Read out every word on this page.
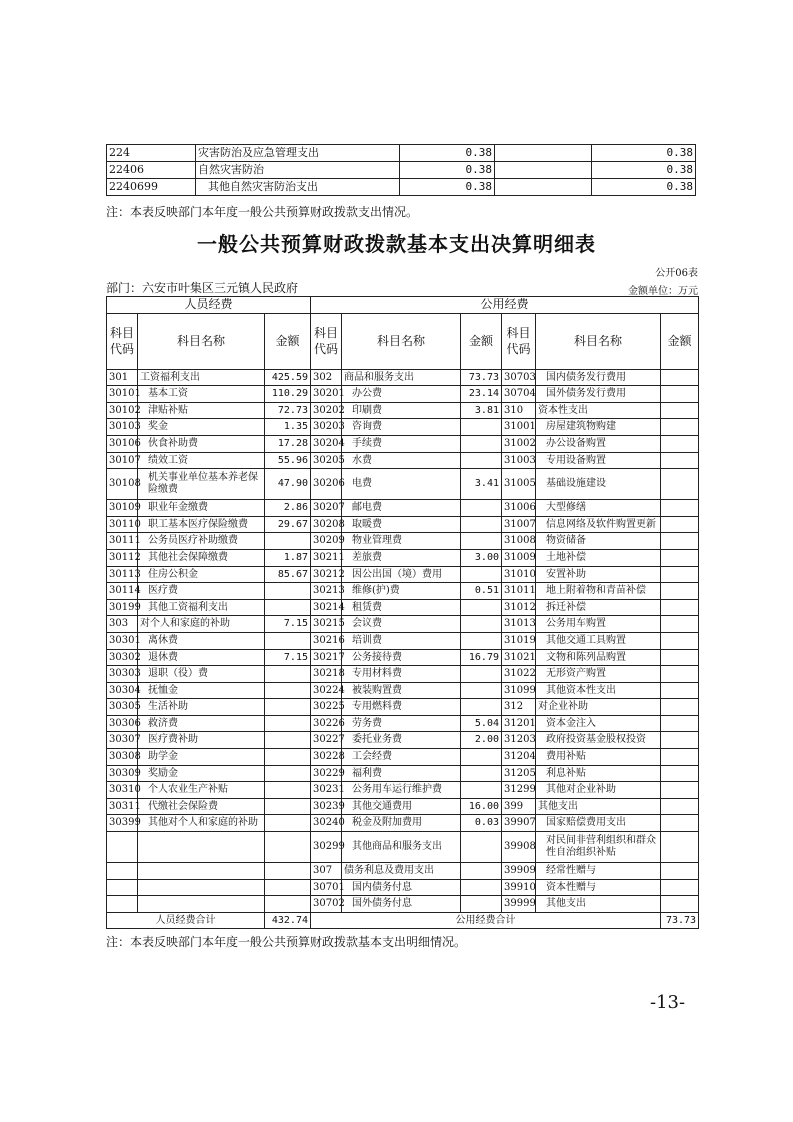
224	灾害防治及应急管理支出	0.38		0.38
22406	自然灾害防治	0.38		0.38
2240699	其他自然灾害防治支出	0.38		0.38
注：本表反映部门本年度一般公共预算财政拨款支出情况。
一般公共预算财政拨款基本支出决算明细表
公开06表
部门：六安市叶集区三元镇人民政府	金额单位：万元
人员经费			公用经费					
科目代码	科目名称	金额	科目代码	科目名称	金额	科目代码	科目名称	金额
301	工资福利支出	425.59	302	商品和服务支出	73.73	30703	国内债务发行费用	
30101	基本工资	110.29	30201	办公费	23.14	30704	国外债务发行费用	
30102	津贴补贴	72.73	30202	印刷费	3.81	310	资本性支出	
30103	奖金	1.35	30203	咨询费		31001	房屋建筑物购建	
30106	伙食补助费	17.28	30204	手续费		31002	办公设备购置	
30107	绩效工资	55.96	30205	水费		31003	专用设备购置	
30108	机关事业单位基本养老保险缴费	47.90	30206	电费	3.41	31005	基础设施建设	
30109	职业年金缴费	2.86	30207	邮电费		31006	大型修缮	
30110	职工基本医疗保险缴费	29.67	30208	取暖费		31007	信息网络及软件购置更新	
30111	公务员医疗补助缴费		30209	物业管理费		31008	物资储备	
30112	其他社会保障缴费	1.87	30211	差旅费	3.00	31009	土地补偿	
30113	住房公积金	85.67	30212	因公出国（境）费用		31010	安置补助	
30114	医疗费		30213	维修(护)费	0.51	31011	地上附着物和青苗补偿	
30199	其他工资福利支出		30214	租赁费		31012	拆迁补偿	
303	对个人和家庭的补助	7.15	30215	会议费		31013	公务用车购置	
30301	离休费		30216	培训费		31019	其他交通工具购置	
30302	退休费	7.15	30217	公务接待费	16.79	31021	文物和陈列品购置	
30303	退职（役）费		30218	专用材料费		31022	无形资产购置	
30304	抚恤金		30224	被装购置费		31099	其他资本性支出	
30305	生活补助		30225	专用燃料费		312	对企业补助	
30306	救济费		30226	劳务费	5.04	31201	资本金注入	
30307	医疗费补助		30227	委托业务费	2.00	31203	政府投资基金股权投资	
30308	助学金		30228	工会经费		31204	费用补贴	
30309	奖励金		30229	福利费		31205	利息补贴	
30310	个人农业生产补贴		30231	公务用车运行维护费		31299	其他对企业补助	
30311	代缴社会保险费		30239	其他交通费用	16.00	399	其他支出	
30399	其他对个人和家庭的补助		30240	税金及附加费用	0.03	39907	国家赔偿费用支出	
			30299	其他商品和服务支出		39908	对民间非营利组织和群众性自治组织补贴	
			307	债务利息及费用支出		39909	经常性赠与	
			30701	国内债务付息		39910	资本性赠与	
			30702	国外债务付息		39999	其他支出	
人员经费合计		432.74	公用经费合计					73.73
注：本表反映部门本年度一般公共预算财政拨款基本支出明细情况。
-13-
